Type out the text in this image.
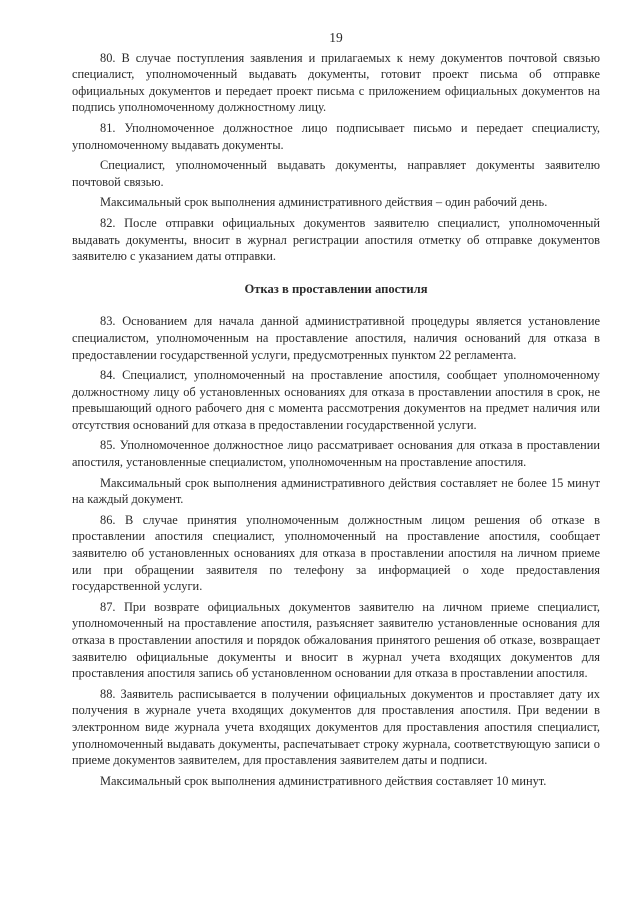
19

80. В случае поступления заявления и прилагаемых к нему документов почтовой связью специалист, уполномоченный выдавать документы, готовит проект письма об отправке официальных документов и передает проект письма с приложением официальных документов на подпись уполномоченному должностному лицу.

81. Уполномоченное должностное лицо подписывает письмо и передает специалисту, уполномоченному выдавать документы.

Специалист, уполномоченный выдавать документы, направляет документы заявителю почтовой связью.

Максимальный срок выполнения административного действия – один рабочий день.

82. После отправки официальных документов заявителю специалист, уполномоченный выдавать документы, вносит в журнал регистрации апостиля отметку об отправке документов заявителю с указанием даты отправки.

Отказ в проставлении апостиля

83. Основанием для начала данной административной процедуры является установление специалистом, уполномоченным на проставление апостиля, наличия оснований для отказа в предоставлении государственной услуги, предусмотренных пунктом 22 регламента.

84. Специалист, уполномоченный на проставление апостиля, сообщает уполномоченному должностному лицу об установленных основаниях для отказа в проставлении апостиля в срок, не превышающий одного рабочего дня с момента рассмотрения документов на предмет наличия или отсутствия оснований для отказа в предоставлении государственной услуги.

85. Уполномоченное должностное лицо рассматривает основания для отказа в проставлении апостиля, установленные специалистом, уполномоченным на проставление апостиля.

Максимальный срок выполнения административного действия составляет не более 15 минут на каждый документ.

86. В случае принятия уполномоченным должностным лицом решения об отказе в проставлении апостиля специалист, уполномоченный на проставление апостиля, сообщает заявителю об установленных основаниях для отказа в проставлении апостиля на личном приеме или при обращении заявителя по телефону за информацией о ходе предоставления государственной услуги.

87. При возврате официальных документов заявителю на личном приеме специалист, уполномоченный на проставление апостиля, разъясняет заявителю установленные основания для отказа в проставлении апостиля и порядок обжалования принятого решения об отказе, возвращает заявителю официальные документы и вносит в журнал учета входящих документов для проставления апостиля запись об установленном основании для отказа в проставлении апостиля.

88. Заявитель расписывается в получении официальных документов и проставляет дату их получения в журнале учета входящих документов для проставления апостиля. При ведении в электронном виде журнала учета входящих документов для проставления апостиля специалист, уполномоченный выдавать документы, распечатывает строку журнала, соответствующую записи о приеме документов заявителем, для проставления заявителем даты и подписи.

Максимальный срок выполнения административного действия составляет 10 минут.
